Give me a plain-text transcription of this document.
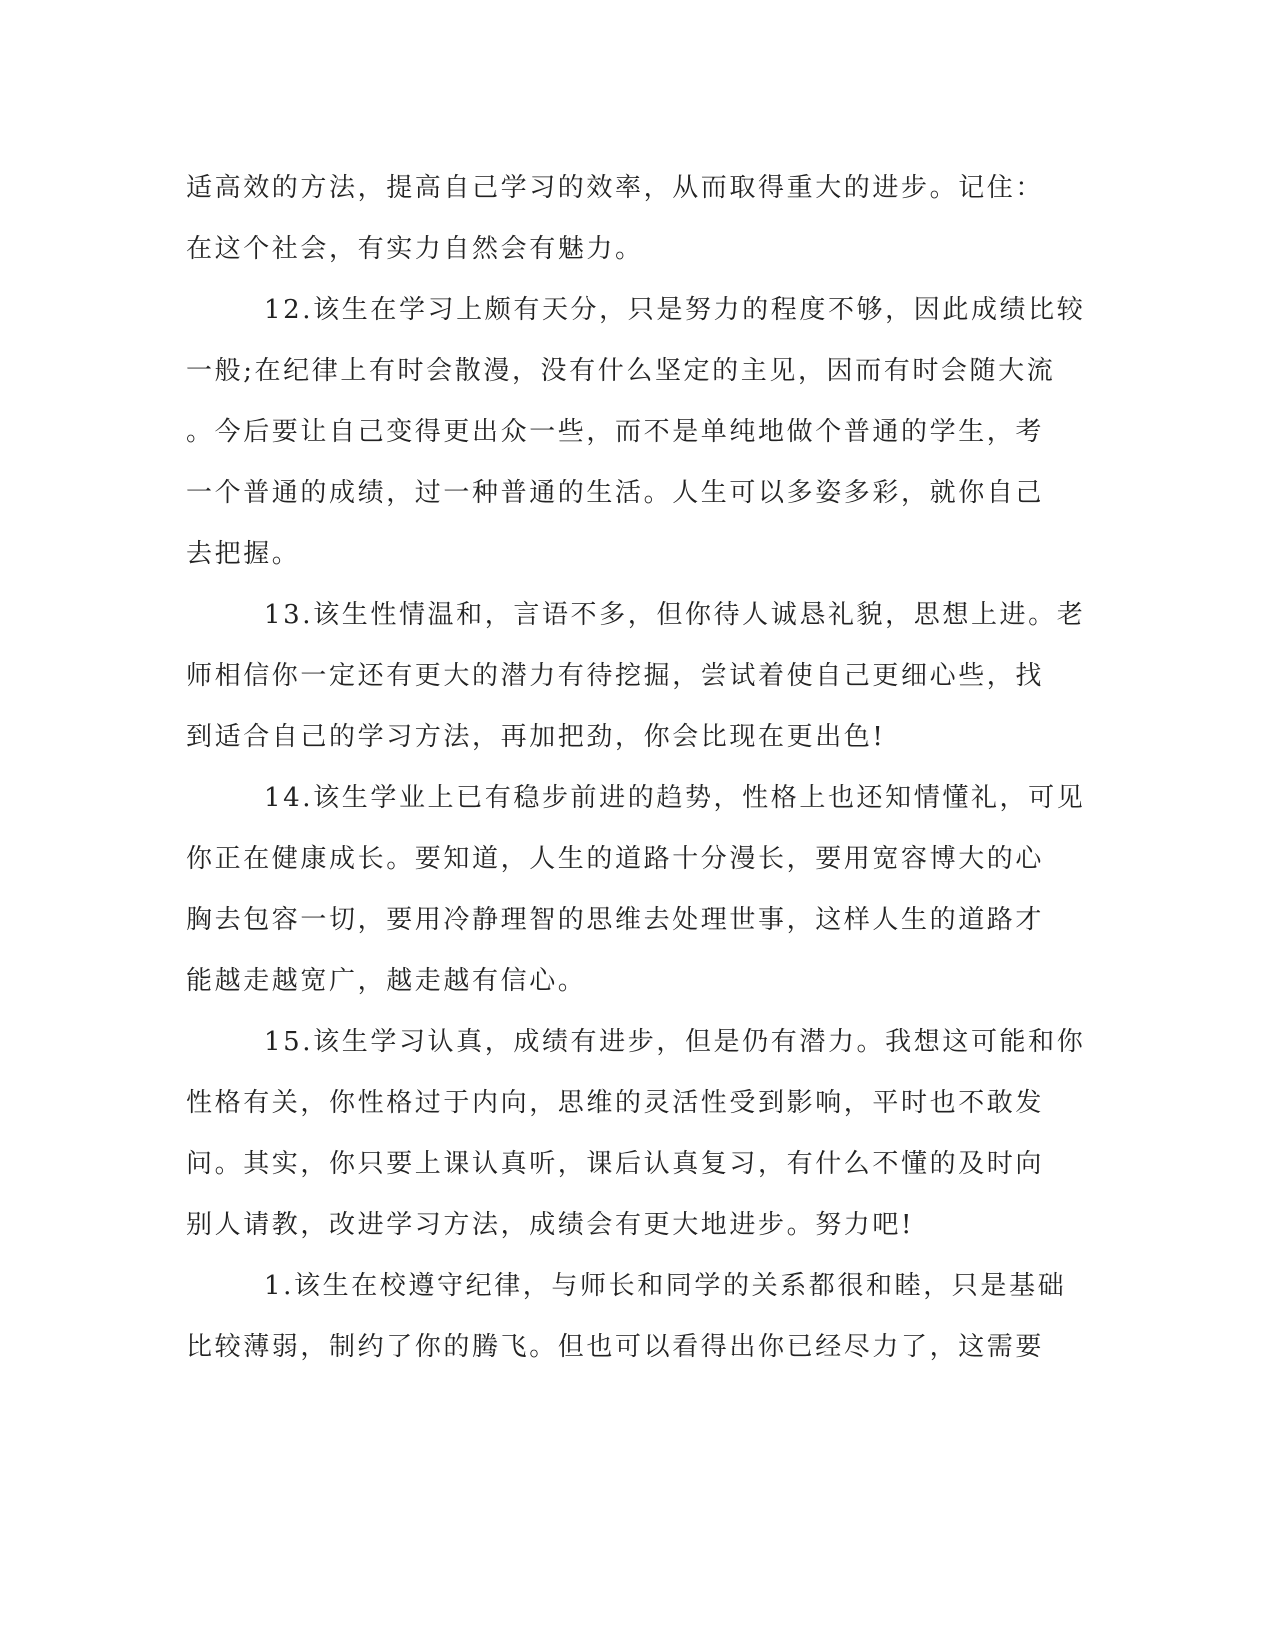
适高效的方法，提高自己学习的效率，从而取得重大的进步。记住：
在这个社会，有实力自然会有魅力。
12.该生在学习上颇有天分，只是努力的程度不够，因此成绩比较
一般;在纪律上有时会散漫，没有什么坚定的主见，因而有时会随大流
。今后要让自己变得更出众一些，而不是单纯地做个普通的学生，考
一个普通的成绩，过一种普通的生活。人生可以多姿多彩，就你自己
去把握。
13.该生性情温和，言语不多，但你待人诚恳礼貌，思想上进。老
师相信你一定还有更大的潜力有待挖掘，尝试着使自己更细心些，找
到适合自己的学习方法，再加把劲，你会比现在更出色!
14.该生学业上已有稳步前进的趋势，性格上也还知情懂礼，可见
你正在健康成长。要知道，人生的道路十分漫长，要用宽容博大的心
胸去包容一切，要用冷静理智的思维去处理世事，这样人生的道路才
能越走越宽广，越走越有信心。
15.该生学习认真，成绩有进步，但是仍有潜力。我想这可能和你
性格有关，你性格过于内向，思维的灵活性受到影响，平时也不敢发
问。其实，你只要上课认真听，课后认真复习，有什么不懂的及时向
别人请教，改进学习方法，成绩会有更大地进步。努力吧!
1.该生在校遵守纪律，与师长和同学的关系都很和睦，只是基础
比较薄弱，制约了你的腾飞。但也可以看得出你已经尽力了，这需要
